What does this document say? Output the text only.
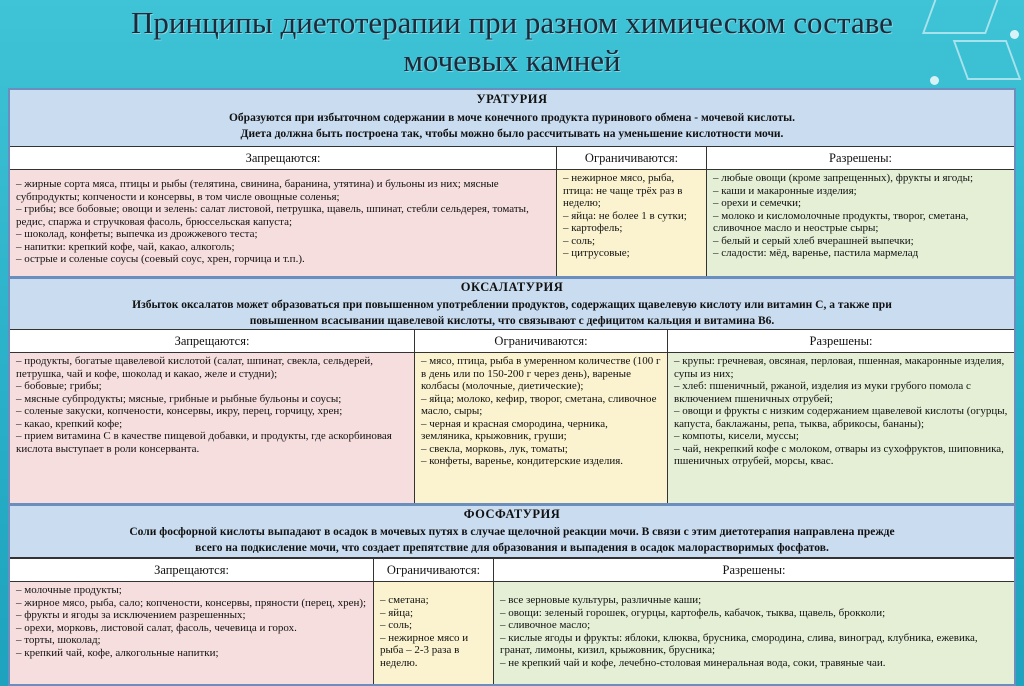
Принципы диетотерапии при разном химическом составе
мочевых камней
УРАТУРИЯ
Образуются при избыточном содержании в моче конечного продукта пуринового обмена - мочевой кислоты.
Диета должна быть построена так, чтобы можно было рассчитывать на уменьшение кислотности мочи.
Запрещаются:
– жирные сорта мяса, птицы и рыбы (телятина, свинина, баранина, утятина) и бульоны из них; мясные субпродукты; копчености и консервы, в том числе овощные соленья;
– грибы; все бобовые; овощи и зелень: салат листовой, петрушка, щавель, шпинат, стебли сельдерея, томаты, редис, спаржа и стручковая фасоль, брюссельская капуста;
– шоколад, конфеты; выпечка из дрожжевого теста;
– напитки: крепкий кофе, чай, какао, алкоголь;
– острые и соленые соусы (соевый соус, хрен, горчица и т.п.).
Ограничиваются:
– нежирное мясо, рыба, птица: не чаще трёх раз в неделю;
– яйца: не более 1 в сутки;
– картофель;
– соль;
– цитрусовые;
Разрешены:
– любые овощи (кроме запрещенных), фрукты и ягоды;
– каши и макаронные изделия;
– орехи и семечки;
– молоко и кисломолочные продукты, творог, сметана, сливочное масло и неострые сыры;
– белый и серый хлеб вчерашней выпечки;
– сладости: мёд, варенье, пастила мармелад
ОКСАЛАТУРИЯ
Избыток оксалатов может образоваться при повышенном употреблении продуктов, содержащих щавелевую кислоту или витамин С, а также при
повышенном всасывании щавелевой кислоты, что связывают с дефицитом кальция и витамина В6.
Запрещаются:
– продукты, богатые щавелевой кислотой (салат, шпинат, свекла, сельдерей, петрушка, чай и кофе, шоколад и какао, желе и студни);
– бобовые; грибы;
– мясные субпродукты; мясные, грибные и рыбные бульоны и соусы;
– соленые закуски, копчености, консервы, икру, перец, горчицу, хрен;
– какао, крепкий кофе;
– прием витамина С в качестве пищевой добавки, и продукты, где аскорбиновая кислота выступает в роли консерванта.
Ограничиваются:
– мясо, птица, рыба в умеренном количестве (100 г в день или по 150-200 г через день), вареные колбасы (молочные, диетические);
– яйца; молоко, кефир, творог, сметана, сливочное масло, сыры;
– черная и красная смородина, черника, земляника, крыжовник, груши;
– свекла, морковь, лук, томаты;
– конфеты, варенье, кондитерские изделия.
Разрешены:
– крупы: гречневая, овсяная, перловая, пшенная, макаронные изделия, супы из них;
– хлеб: пшеничный, ржаной, изделия из муки грубого помола с включением пшеничных отрубей;
– овощи и фрукты с низким содержанием щавелевой кислоты (огурцы, капуста, баклажаны, репа, тыква, абрикосы, бананы);
– компоты, кисели, муссы;
– чай, некрепкий кофе с молоком, отвары из сухофруктов, шиповника, пшеничных отрубей, морсы, квас.
ФОСФАТУРИЯ
Соли фосфорной кислоты выпадают в осадок в мочевых путях в случае щелочной реакции мочи. В связи с этим диетотерапия направлена прежде
всего на подкисление мочи, что создает препятствие для образования и выпадения в осадок малорастворимых фосфатов.
Запрещаются:
– молочные продукты;
– жирное мясо, рыба, сало; копчености, консервы, пряности (перец, хрен);
– фрукты и ягоды за исключением разрешенных;
– орехи, морковь, листовой салат, фасоль, чечевица и горох.
– торты, шоколад;
– крепкий чай, кофе, алкогольные напитки;
Ограничиваются:
– сметана;
– яйца;
– соль;
– нежирное мясо и рыба – 2-3 раза в неделю.
Разрешены:
– все зерновые культуры, различные каши;
– овощи: зеленый горошек, огурцы, картофель, кабачок, тыква, щавель, брокколи;
– сливочное масло;
– кислые ягоды и фрукты: яблоки, клюква, брусника, смородина, слива, виноград, клубника, ежевика, гранат, лимоны, кизил, крыжовник, брусника;
– не крепкий чай и кофе, лечебно-столовая минеральная вода, соки, травяные чаи.
